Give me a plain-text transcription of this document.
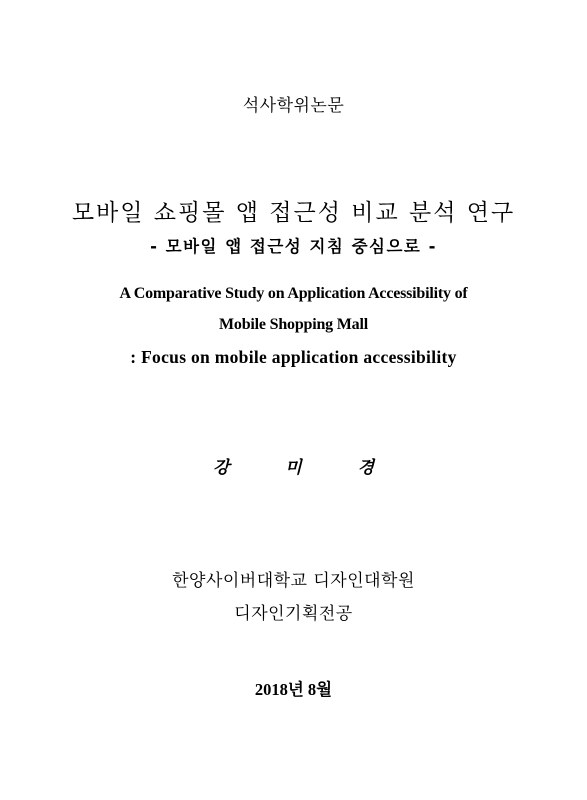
석사학위논문
모바일 쇼핑몰 앱 접근성 비교 분석 연구
- 모바일 앱 접근성 지침 중심으로 -
A Comparative Study on Application Accessibility of
Mobile Shopping Mall
: Focus on mobile application accessibility
강 미 경
한양사이버대학교 디자인대학원
디자인기획전공
2018년 8월
